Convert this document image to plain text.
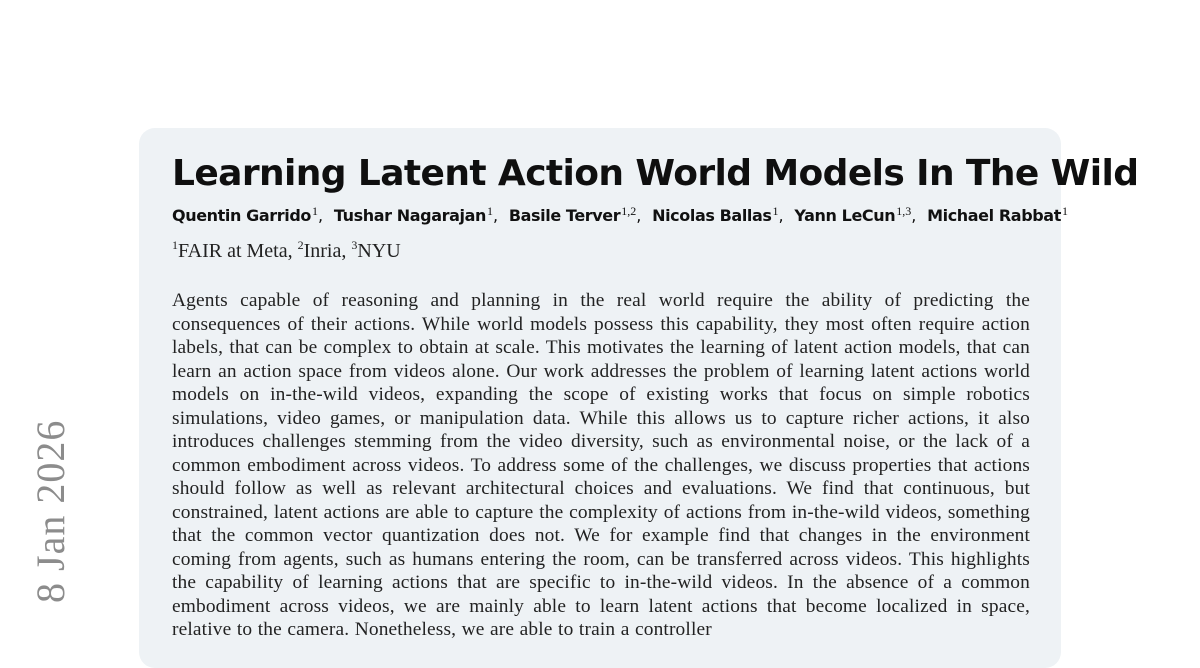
8 Jan 2026
Learning Latent Action World Models In The Wild
Quentin Garrido$^1$, Tushar Nagarajan$^1$, Basile Terver$^{1,2}$, Nicolas Ballas$^1$, Yann LeCun$^{1,3}$, Michael Rabbat$^1$
$^1$FAIR at Meta, $^2$Inria, $^3$NYU

Agents capable of reasoning and planning in the real world require the ability of predicting the consequences of their actions. While world models possess this capability, they most often require action labels, that can be complex to obtain at scale. This motivates the learning of latent action models, that can learn an action space from videos alone. Our work addresses the problem of learning latent actions world models on in-the-wild videos, expanding the scope of existing works that focus on simple robotics simulations, video games, or manipulation data. While this allows us to capture richer actions, it also introduces challenges stemming from the video diversity, such as environmental noise, or the lack of a common embodiment across videos. To address some of the challenges, we discuss properties that actions should follow as well as relevant architectural choices and evaluations. We find that continuous, but constrained, latent actions are able to capture the complexity of actions from in-the-wild videos, something that the common vector quantization does not. We for example find that changes in the environment coming from agents, such as humans entering the room, can be transferred across videos. This highlights the capability of learning actions that are specific to in-the-wild videos. In the absence of a common embodiment across videos, we are mainly able to learn latent actions that become localized in space, relative to the camera. Nonetheless, we are able to train a controller
